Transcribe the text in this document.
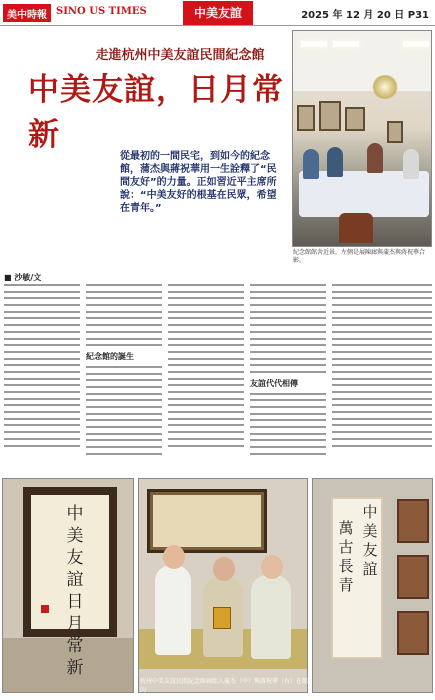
美中時報 SINO US TIMES	中美友誼	2025 年 12 月 20 日 P31
走進杭州中美友誼民間紀念館
中美友誼，日月常新
從最初的一間民宅，到如今的紀念館，蒲杰與蔣祝華用一生詮釋了“民間友好”的力量。正如習近平主席所說：“中美友好的根基在民眾，希望在青年。”
紀念館館舍近景，左側是展陳廊與蒲杰與蔣祝華合影。
■ 沙敏/文
紀念館的誕生
友誼代代相傳
中美友誼日月常新
杭州中美友誼民間紀念館創始人蒲杰（中）與蔣祝華（右）在館內
中美友誼
萬古長青
